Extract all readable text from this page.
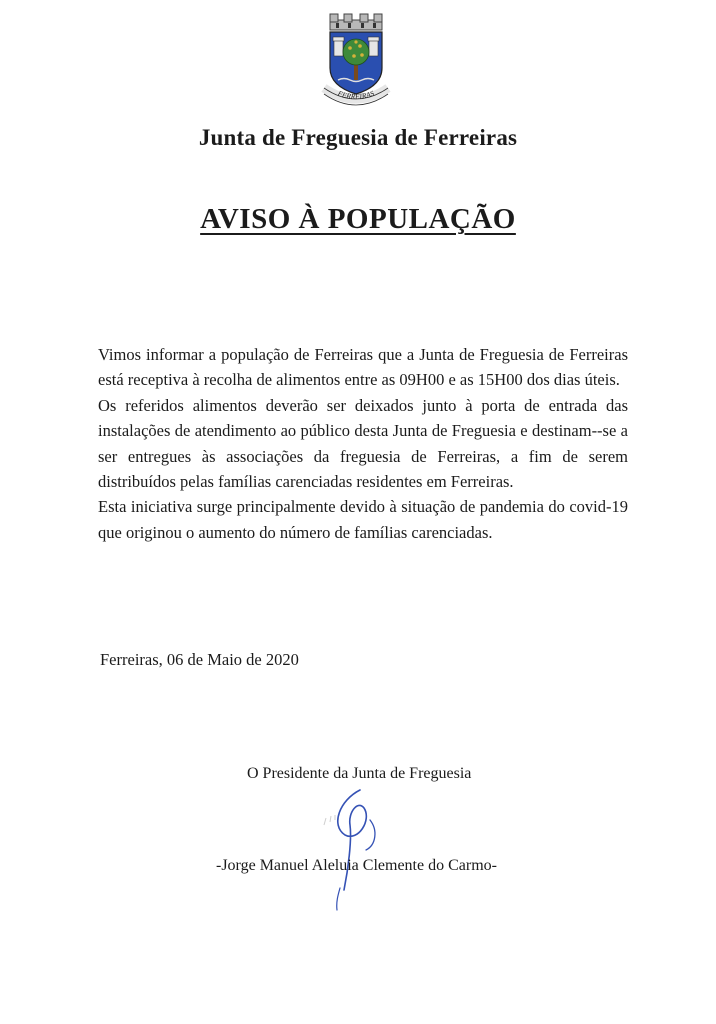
FERREIRAS
Junta de Freguesia de Ferreiras
AVISO À POPULAÇÃO

Vimos informar a população de Ferreiras que a Junta de Freguesia de Ferreiras está receptiva à recolha de alimentos entre as 09H00 e as 15H00 dos dias úteis.

Os referidos alimentos deverão ser deixados junto à porta de entrada das instalações de atendimento ao público desta Junta de Freguesia e destinam--se a ser entregues às associações da freguesia de Ferreiras, a fim de serem distribuídos pelas famílias carenciadas residentes em Ferreiras.

Esta iniciativa surge principalmente devido à situação de pandemia do covid-19 que originou o aumento do número de famílias carenciadas.

Ferreiras, 06 de Maio de 2020
O Presidente da Junta de Freguesia
-Jorge Manuel Aleluia Clemente do Carmo-
